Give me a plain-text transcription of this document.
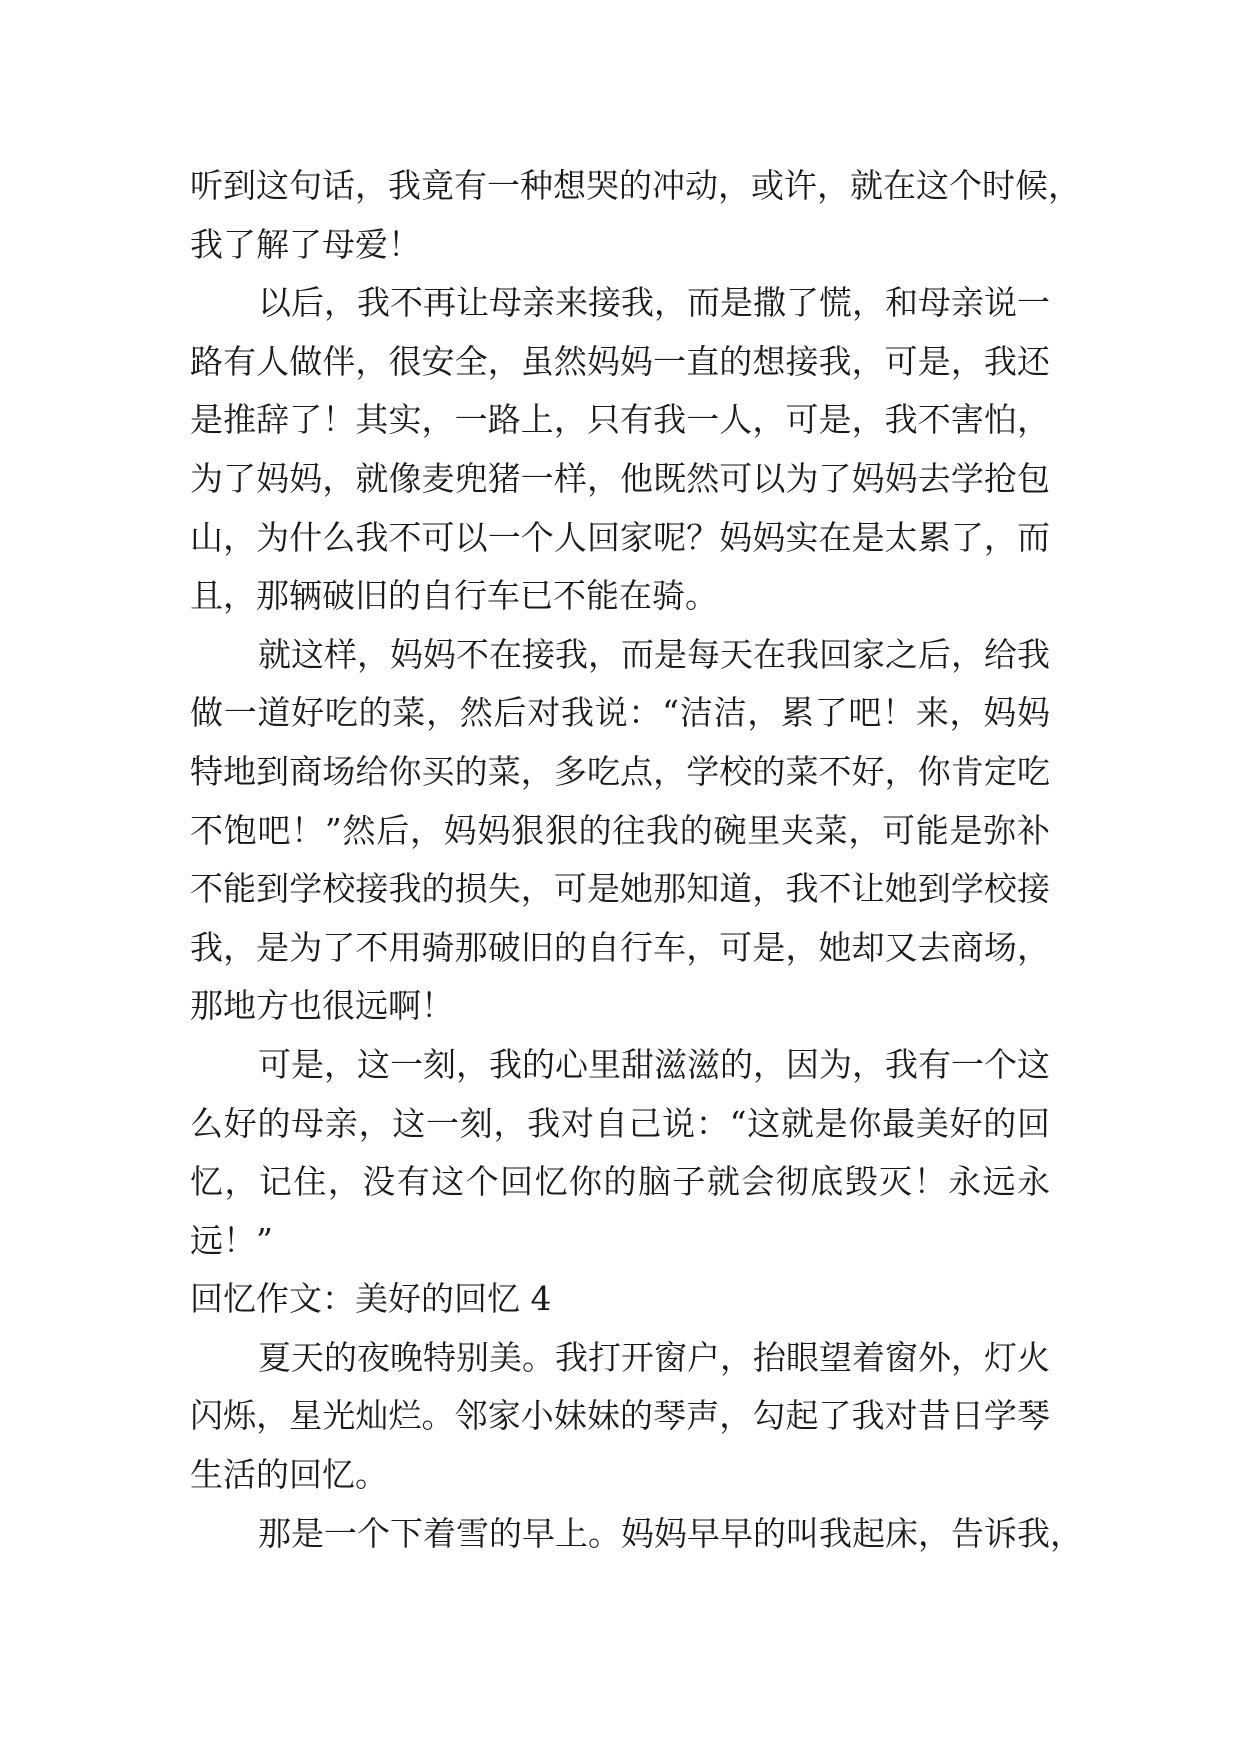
听到这句话，我竟有一种想哭的冲动，或许，就在这个时候，
我了解了母爱！
以后，我不再让母亲来接我，而是撒了慌，和母亲说一
路有人做伴，很安全，虽然妈妈一直的想接我，可是，我还
是推辞了！其实，一路上，只有我一人，可是，我不害怕，
为了妈妈，就像麦兜猪一样，他既然可以为了妈妈去学抢包
山，为什么我不可以一个人回家呢？妈妈实在是太累了，而
且，那辆破旧的自行车已不能在骑。
就这样，妈妈不在接我，而是每天在我回家之后，给我
做一道好吃的菜，然后对我说：“洁洁，累了吧！来，妈妈
特地到商场给你买的菜，多吃点，学校的菜不好，你肯定吃
不饱吧！”然后，妈妈狠狠的往我的碗里夹菜，可能是弥补
不能到学校接我的损失，可是她那知道，我不让她到学校接
我，是为了不用骑那破旧的自行车，可是，她却又去商场，
那地方也很远啊！
可是，这一刻，我的心里甜滋滋的，因为，我有一个这
么好的母亲，这一刻，我对自己说：“这就是你最美好的回
忆，记住，没有这个回忆你的脑子就会彻底毁灭！永远永
远！”
回忆作文：美好的回忆 4
夏天的夜晚特别美。我打开窗户，抬眼望着窗外，灯火
闪烁，星光灿烂。邻家小妹妹的琴声，勾起了我对昔日学琴
生活的回忆。
那是一个下着雪的早上。妈妈早早的叫我起床，告诉我，
